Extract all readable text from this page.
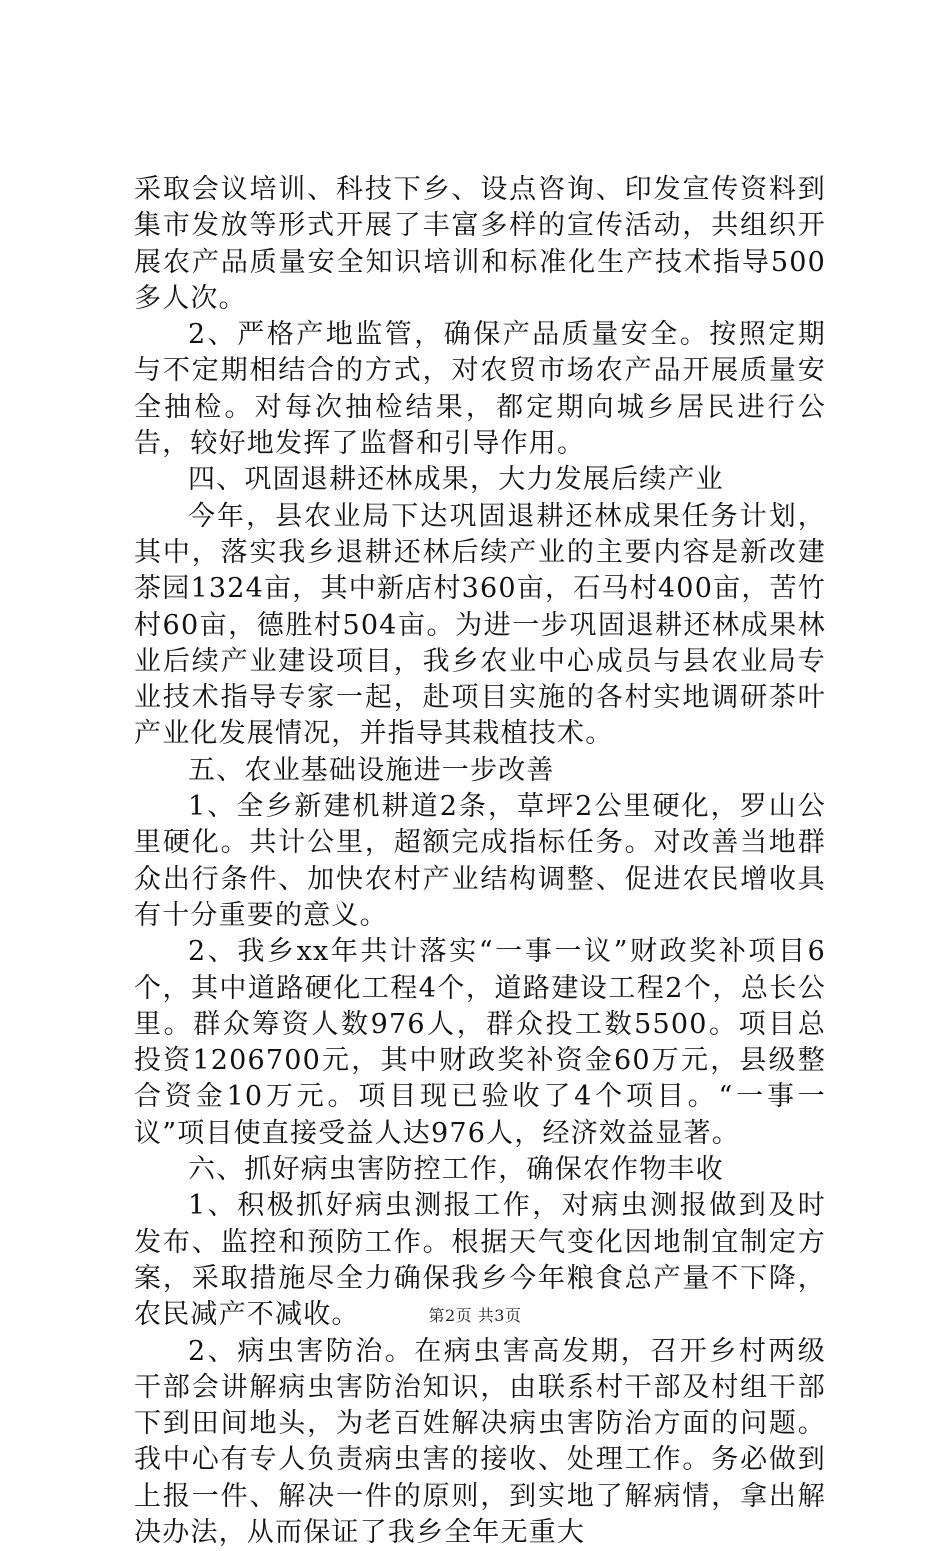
采取会议培训、科技下乡、设点咨询、印发宣传资料到集市发放等形式开展了丰富多样的宣传活动，共组织开展农产品质量安全知识培训和标准化生产技术指导500多人次。

2、严格产地监管，确保产品质量安全。按照定期与不定期相结合的方式，对农贸市场农产品开展质量安全抽检。对每次抽检结果，都定期向城乡居民进行公告，较好地发挥了监督和引导作用。

四、巩固退耕还林成果，大力发展后续产业

今年，县农业局下达巩固退耕还林成果任务计划，其中，落实我乡退耕还林后续产业的主要内容是新改建茶园1324亩，其中新店村360亩，石马村400亩，苦竹村60亩，德胜村504亩。为进一步巩固退耕还林成果林业后续产业建设项目，我乡农业中心成员与县农业局专业技术指导专家一起，赴项目实施的各村实地调研茶叶产业化发展情况，并指导其栽植技术。

五、农业基础设施进一步改善

1、全乡新建机耕道2条，草坪2公里硬化，罗山公里硬化。共计公里，超额完成指标任务。对改善当地群众出行条件、加快农村产业结构调整、促进农民增收具有十分重要的意义。

2、我乡xx年共计落实“一事一议”财政奖补项目6个，其中道路硬化工程4个，道路建设工程2个，总长公里。群众筹资人数976人，群众投工数5500。项目总投资1206700元，其中财政奖补资金60万元，县级整合资金10万元。项目现已验收了4个项目。“一事一议”项目使直接受益人达976人，经济效益显著。

六、抓好病虫害防控工作，确保农作物丰收

1、积极抓好病虫测报工作，对病虫测报做到及时发布、监控和预防工作。根据天气变化因地制宜制定方案，采取措施尽全力确保我乡今年粮食总产量不下降，农民减产不减收。

2、病虫害防治。在病虫害高发期，召开乡村两级干部会讲解病虫害防治知识，由联系村干部及村组干部下到田间地头，为老百姓解决病虫害防治方面的问题。我中心有专人负责病虫害的接收、处理工作。务必做到上报一件、解决一件的原则，到实地了解病情，拿出解决办法，从而保证了我乡全年无重大

第2页 共3页
